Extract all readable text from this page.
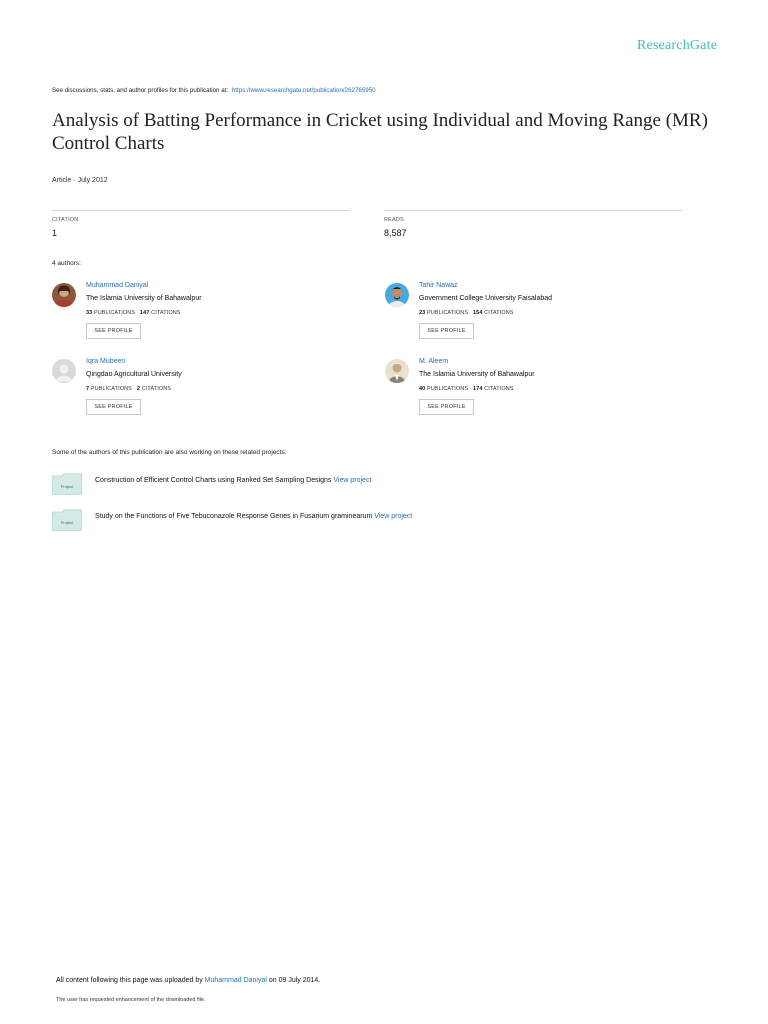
ResearchGate
See discussions, stats, and author profiles for this publication at: https://www.researchgate.net/publication/262765950
Analysis of Batting Performance in Cricket using Individual and Moving Range (MR) Control Charts
Article · July 2012
CITATION
1
READS
8,587
4 authors:
Muhammad Daniyal
The Islamia University of Bahawalpur
33 PUBLICATIONS 147 CITATIONS
SEE PROFILE
Tahir Nawaz
Government College University Faisalabad
23 PUBLICATIONS 154 CITATIONS
SEE PROFILE
Iqra Mubeen
Qingdao Agricultural University
7 PUBLICATIONS 2 CITATIONS
SEE PROFILE
M. Aleem
The Islamia University of Bahawalpur
40 PUBLICATIONS 174 CITATIONS
SEE PROFILE
Some of the authors of this publication are also working on these related projects:
Project
Construction of Efficient Control Charts using Ranked Set Sampling Designs View project
Project
Study on the Functions of Five Tebuconazole Response Genes in Fusarium graminearum View project
All content following this page was uploaded by Muhammad Daniyal on 09 July 2014.
The user has requested enhancement of the downloaded file.
